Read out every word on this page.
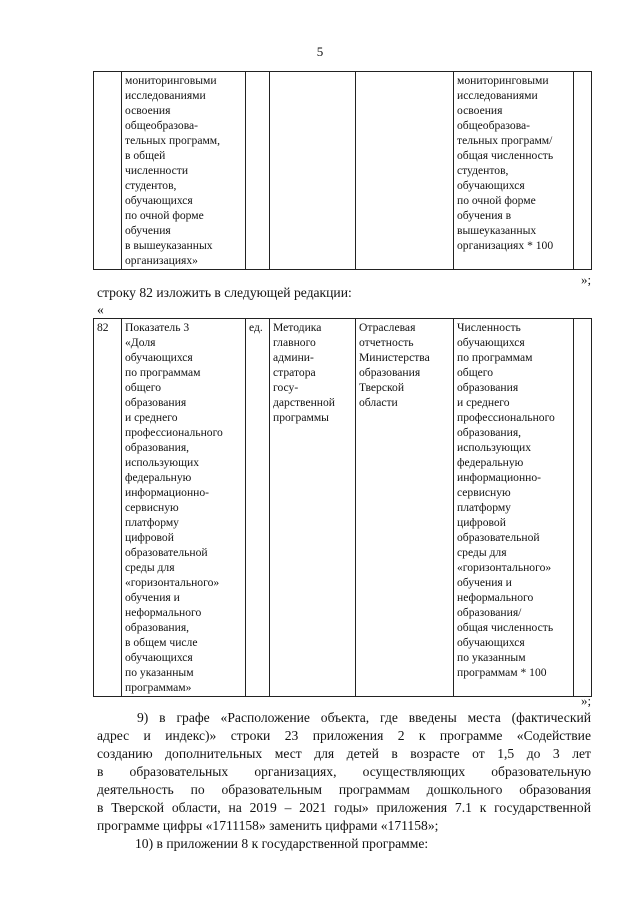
5
	мониторинговыми
исследованиями
освоения
общеобразова-
тельных программ,
в общей
численности
студентов,
обучающихся
по очной форме
обучения
в вышеуказанных
организациях»				мониторинговыми
исследованиями
освоения
общеобразова-
тельных программ/
общая численность
студентов,
обучающихся
по очной форме
обучения в
вышеуказанных
организациях * 100	
»;
строку 82 изложить в следующей редакции:
«
82	Показатель 3
«Доля
обучающихся
по программам
общего
образования
и среднего
профессионального
образования,
использующих
федеральную
информационно-
сервисную
платформу
цифровой
образовательной
среды для
«горизонтального»
обучения и
неформального
образования,
в общем числе
обучающихся
по указанным
программам»	ед.	Методика
главного
админи-
стратора
госу-
дарственной
программы	Отраслевая
отчетность
Министерства
образования
Тверской
области	Численность
обучающихся
по программам
общего
образования
и среднего
профессионального
образования,
использующих
федеральную
информационно-
сервисную
платформу
цифровой
образовательной
среды для
«горизонтального»
обучения и
неформального
образования/
общая численность
обучающихся
по указанным
программам * 100	
»;
9) в графе «Расположение объекта, где введены места (фактический
адрес и индекс)» строки 23 приложения 2 к программе «Содействие
созданию дополнительных мест для детей в возрасте от 1,5 до 3 лет
в образовательных организациях, осуществляющих образовательную
деятельность по образовательным программам дошкольного образования
в Тверской области, на 2019 – 2021 годы» приложения 7.1 к государственной
программе цифры «1711158» заменить цифрами «171158»;
10) в приложении 8 к государственной программе:
